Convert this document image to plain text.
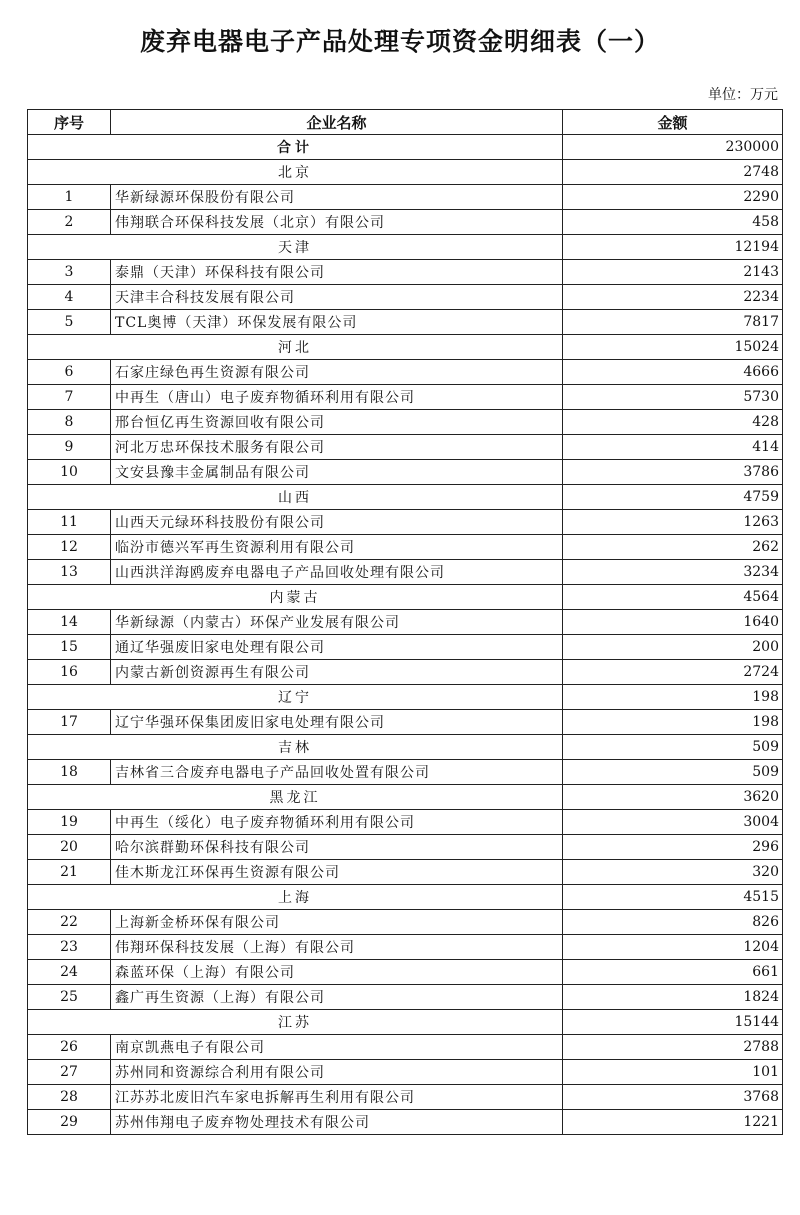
废弃电器电子产品处理专项资金明细表（一）
单位：万元
序号	企业名称	金额
合计		230000
北京		2748
1	华新绿源环保股份有限公司	2290
2	伟翔联合环保科技发展（北京）有限公司	458
天津		12194
3	泰鼎（天津）环保科技有限公司	2143
4	天津丰合科技发展有限公司	2234
5	TCL奥博（天津）环保发展有限公司	7817
河北		15024
6	石家庄绿色再生资源有限公司	4666
7	中再生（唐山）电子废弃物循环利用有限公司	5730
8	邢台恒亿再生资源回收有限公司	428
9	河北万忠环保技术服务有限公司	414
10	文安县豫丰金属制品有限公司	3786
山西		4759
11	山西天元绿环科技股份有限公司	1263
12	临汾市德兴军再生资源利用有限公司	262
13	山西洪洋海鸥废弃电器电子产品回收处理有限公司	3234
内蒙古		4564
14	华新绿源（内蒙古）环保产业发展有限公司	1640
15	通辽华强废旧家电处理有限公司	200
16	内蒙古新创资源再生有限公司	2724
辽宁		198
17	辽宁华强环保集团废旧家电处理有限公司	198
吉林		509
18	吉林省三合废弃电器电子产品回收处置有限公司	509
黑龙江		3620
19	中再生（绥化）电子废弃物循环利用有限公司	3004
20	哈尔滨群勤环保科技有限公司	296
21	佳木斯龙江环保再生资源有限公司	320
上海		4515
22	上海新金桥环保有限公司	826
23	伟翔环保科技发展（上海）有限公司	1204
24	森蓝环保（上海）有限公司	661
25	鑫广再生资源（上海）有限公司	1824
江苏		15144
26	南京凯燕电子有限公司	2788
27	苏州同和资源综合利用有限公司	101
28	江苏苏北废旧汽车家电拆解再生利用有限公司	3768
29	苏州伟翔电子废弃物处理技术有限公司	1221
